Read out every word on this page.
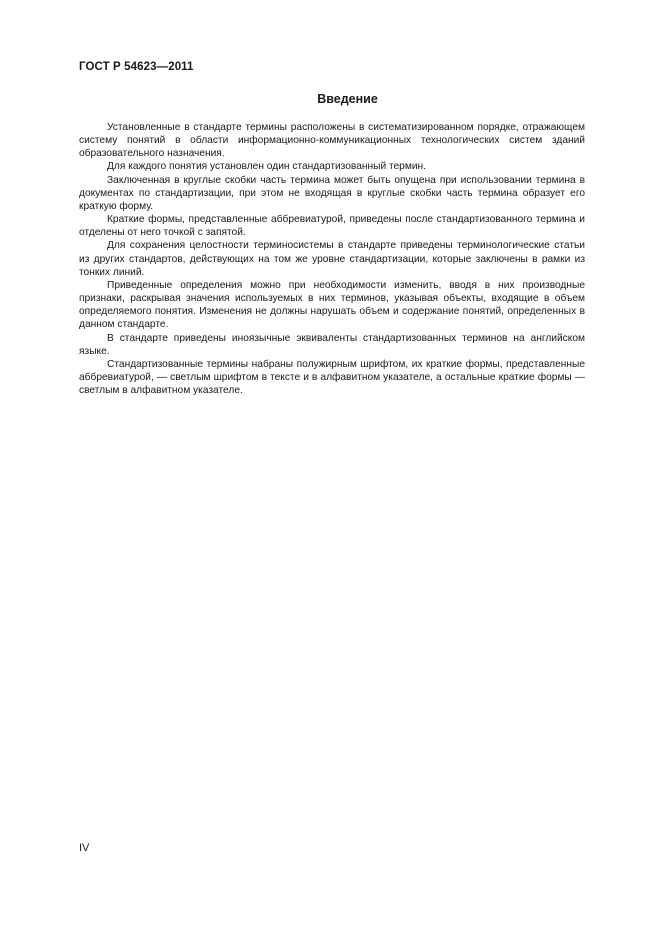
ГОСТ Р 54623—2011
Введение

Установленные в стандарте термины расположены в систематизированном порядке, отражающем систему понятий в области информационно-коммуникационных технологических систем зданий образовательного назначения.

Для каждого понятия установлен один стандартизованный термин.

Заключенная в круглые скобки часть термина может быть опущена при использовании термина в документах по стандартизации, при этом не входящая в круглые скобки часть термина образует его краткую форму.

Краткие формы, представленные аббревиатурой, приведены после стандартизованного термина и отделены от него точкой с запятой.

Для сохранения целостности терминосистемы в стандарте приведены терминологические статьи из других стандартов, действующих на том же уровне стандартизации, которые заключены в рамки из тонких линий.

Приведенные определения можно при необходимости изменить, вводя в них производные признаки, раскрывая значения используемых в них терминов, указывая объекты, входящие в объем определяемого понятия. Изменения не должны нарушать объем и содержание понятий, определенных в данном стандарте.

В стандарте приведены иноязычные эквиваленты стандартизованных терминов на английском языке.

Стандартизованные термины набраны полужирным шрифтом, их краткие формы, представленные аббревиатурой, — светлым шрифтом в тексте и в алфавитном указателе, а остальные краткие формы — светлым в алфавитном указателе.

IV
